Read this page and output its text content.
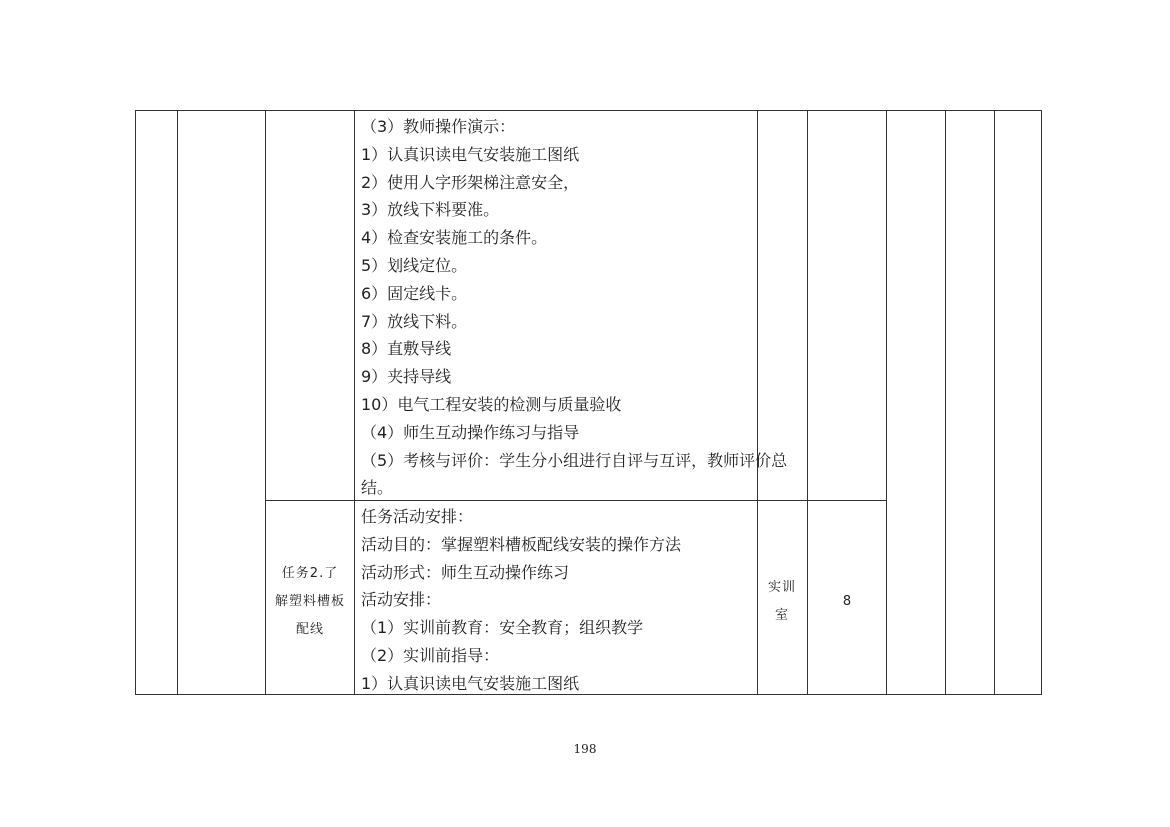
（3）教师操作演示：
1）认真识读电气安装施工图纸
2）使用人字形架梯注意安全，
3）放线下料要准。
4）检查安装施工的条件。
5）划线定位。
6）固定线卡。
7）放线下料。
8）直敷导线
9）夹持导线
10）电气工程安装的检测与质量验收
（4）师生互动操作练习与指导
（5）考核与评价：学生分小组进行自评与互评，教师评价总
结。
任务2.了
解塑料槽板
配线
任务活动安排：
活动目的：掌握塑料槽板配线安装的操作方法
活动形式：师生互动操作练习
活动安排：
（1）实训前教育：安全教育；组织教学
（2）实训前指导：
1）认真识读电气安装施工图纸
实训
室
8
198
